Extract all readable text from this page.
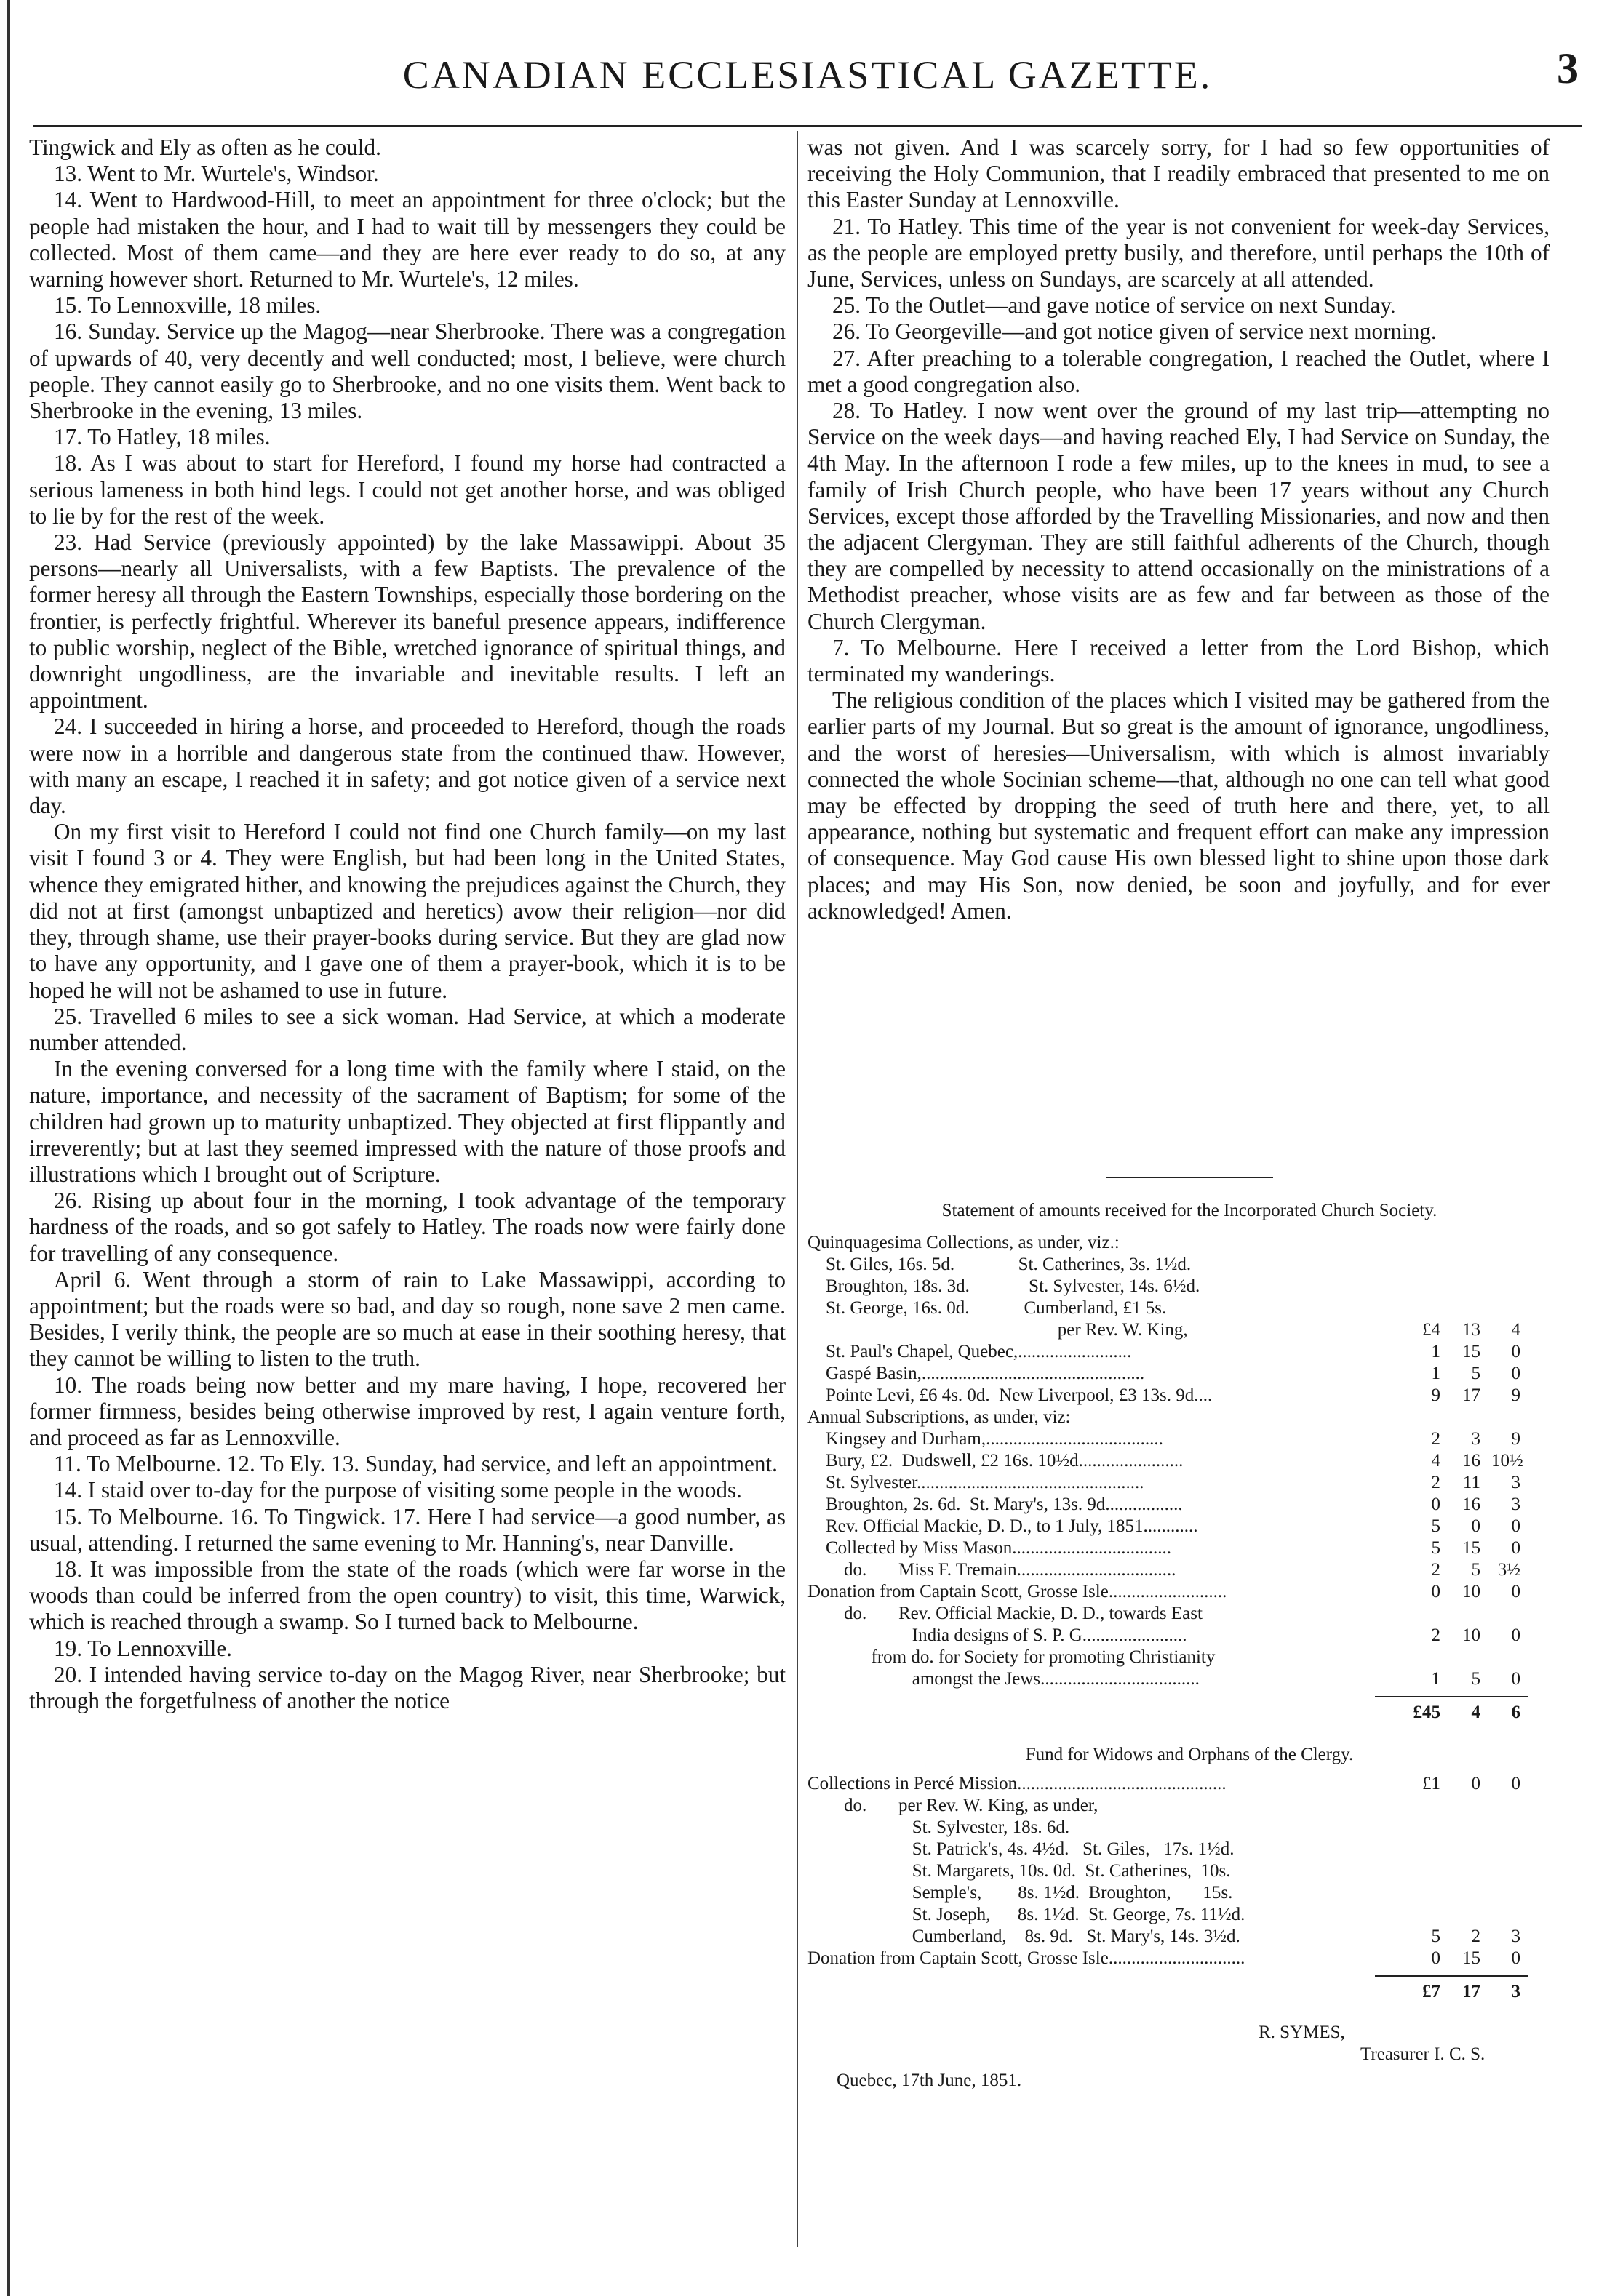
CANADIAN ECCLESIASTICAL GAZETTE.	3

Tingwick and Ely as often as he could.

13. Went to Mr. Wurtele's, Windsor.

14. Went to Hardwood-Hill, to meet an appointment for three o'clock; but the people had mistaken the hour, and I had to wait till by messengers they could be collected. Most of them came—and they are here ever ready to do so, at any warning however short. Returned to Mr. Wurtele's, 12 miles.

15. To Lennoxville, 18 miles.

16. Sunday. Service up the Magog—near Sherbrooke. There was a congregation of upwards of 40, very decently and well conducted; most, I believe, were church people. They cannot easily go to Sherbrooke, and no one visits them. Went back to Sherbrooke in the evening, 13 miles.

17. To Hatley, 18 miles.

18. As I was about to start for Hereford, I found my horse had contracted a serious lameness in both hind legs. I could not get another horse, and was obliged to lie by for the rest of the week.

23. Had Service (previously appointed) by the lake Massawippi. About 35 persons—nearly all Universalists, with a few Baptists. The prevalence of the former heresy all through the Eastern Townships, especially those bordering on the frontier, is perfectly frightful. Wherever its baneful presence appears, indifference to public worship, neglect of the Bible, wretched ignorance of spiritual things, and downright ungodliness, are the invariable and inevitable results. I left an appointment.

24. I succeeded in hiring a horse, and proceeded to Hereford, though the roads were now in a horrible and dangerous state from the continued thaw. However, with many an escape, I reached it in safety; and got notice given of a service next day.

On my first visit to Hereford I could not find one Church family—on my last visit I found 3 or 4. They were English, but had been long in the United States, whence they emigrated hither, and knowing the prejudices against the Church, they did not at first (amongst unbaptized and heretics) avow their religion—nor did they, through shame, use their prayer-books during service. But they are glad now to have any opportunity, and I gave one of them a prayer-book, which it is to be hoped he will not be ashamed to use in future.

25. Travelled 6 miles to see a sick woman. Had Service, at which a moderate number attended.

In the evening conversed for a long time with the family where I staid, on the nature, importance, and necessity of the sacrament of Baptism; for some of the children had grown up to maturity unbaptized. They objected at first flippantly and irreverently; but at last they seemed impressed with the nature of those proofs and illustrations which I brought out of Scripture.

26. Rising up about four in the morning, I took advantage of the temporary hardness of the roads, and so got safely to Hatley. The roads now were fairly done for travelling of any consequence.

April 6. Went through a storm of rain to Lake Massawippi, according to appointment; but the roads were so bad, and day so rough, none save 2 men came. Besides, I verily think, the people are so much at ease in their soothing heresy, that they cannot be willing to listen to the truth.

10. The roads being now better and my mare having, I hope, recovered her former firmness, besides being otherwise improved by rest, I again venture forth, and proceed as far as Lennoxville.

11. To Melbourne. 12. To Ely. 13. Sunday, had service, and left an appointment.

14. I staid over to-day for the purpose of visiting some people in the woods.

15. To Melbourne. 16. To Tingwick. 17. Here I had service—a good number, as usual, attending. I returned the same evening to Mr. Hanning's, near Danville.

18. It was impossible from the state of the roads (which were far worse in the woods than could be inferred from the open country) to visit, this time, Warwick, which is reached through a swamp. So I turned back to Melbourne.

19. To Lennoxville.

20. I intended having service to-day on the Magog River, near Sherbrooke; but through the forgetfulness of another the notice

was not given. And I was scarcely sorry, for I had so few opportunities of receiving the Holy Communion, that I readily embraced that presented to me on this Easter Sunday at Lennoxville.

21. To Hatley. This time of the year is not convenient for week-day Services, as the people are employed pretty busily, and therefore, until perhaps the 10th of June, Services, unless on Sundays, are scarcely at all attended.

25. To the Outlet—and gave notice of service on next Sunday.

26. To Georgeville—and got notice given of service next morning.

27. After preaching to a tolerable congregation, I reached the Outlet, where I met a good congregation also.

28. To Hatley. I now went over the ground of my last trip—attempting no Service on the week days—and having reached Ely, I had Service on Sunday, the 4th May. In the afternoon I rode a few miles, up to the knees in mud, to see a family of Irish Church people, who have been 17 years without any Church Services, except those afforded by the Travelling Missionaries, and now and then the adjacent Clergyman. They are still faithful adherents of the Church, though they are compelled by necessity to attend occasionally on the ministrations of a Methodist preacher, whose visits are as few and far between as those of the Church Clergyman.

7. To Melbourne. Here I received a letter from the Lord Bishop, which terminated my wanderings.

The religious condition of the places which I visited may be gathered from the earlier parts of my Journal. But so great is the amount of ignorance, ungodliness, and the worst of heresies—Universalism, with which is almost invariably connected the whole Socinian scheme—that, although no one can tell what good may be effected by dropping the seed of truth here and there, yet, to all appearance, nothing but systematic and frequent effort can make any impression of consequence. May God cause His own blessed light to shine upon those dark places; and may His Son, now denied, be soon and joyfully, and for ever acknowledged! Amen.

Statement of amounts received for the Incorporated Church Society.
Quinquagesima Collections, as under, viz.:
St. Giles, 16s. 5d.              St. Catherines, 3s. 1½d.
Broughton, 18s. 3d.             St. Sylvester, 14s. 6½d.
St. George, 16s. 0d.            Cumberland, £1 5s.
per Rev. W. King,	£4	13	4
St. Paul's Chapel, Quebec,.........................	1	15	0
Gaspé Basin,.................................................	1	5	0
Pointe Levi, £6 4s. 0d.  New Liverpool, £3 13s. 9d....	9	17	9
Annual Subscriptions, as under, viz:
Kingsey and Durham,.......................................	2	3	9
Bury, £2.  Dudswell, £2 16s. 10½d.......................	4	16 10½
St. Sylvester..................................................	2	11	3
Broughton, 2s. 6d.  St. Mary's, 13s. 9d.................	0	16	3
Rev. Official Mackie, D. D., to 1 July, 1851............	5	0	0
Collected by Miss Mason...................................	5	15	0
do.       Miss F. Tremain...................................	2	5 3½
Donation from Captain Scott, Grosse Isle..........................	0	10	0
do.       Rev. Official Mackie, D. D., towards East
India designs of S. P. G.......................	2	10	0
from do. for Society for promoting Christianity
amongst the Jews...................................	1	5	0
£45	4	6
Fund for Widows and Orphans of the Clergy.
Collections in Percé Mission..............................................	£1	0	0
do.       per Rev. W. King, as under,
St. Sylvester, 18s. 6d.
St. Patrick's, 4s. 4½d.   St. Giles,   17s. 1½d.
St. Margarets, 10s. 0d.  St. Catherines,  10s.
Semple's,        8s. 1½d.  Broughton,       15s.
St. Joseph,      8s. 1½d.  St. George, 7s. 11½d.
Cumberland,    8s. 9d.   St. Mary's, 14s. 3½d.	5	2	3
Donation from Captain Scott, Grosse Isle..............................	0	15	0
£7	17	3
R. SYMES,
Treasurer I. C. S.
Quebec, 17th June, 1851.
